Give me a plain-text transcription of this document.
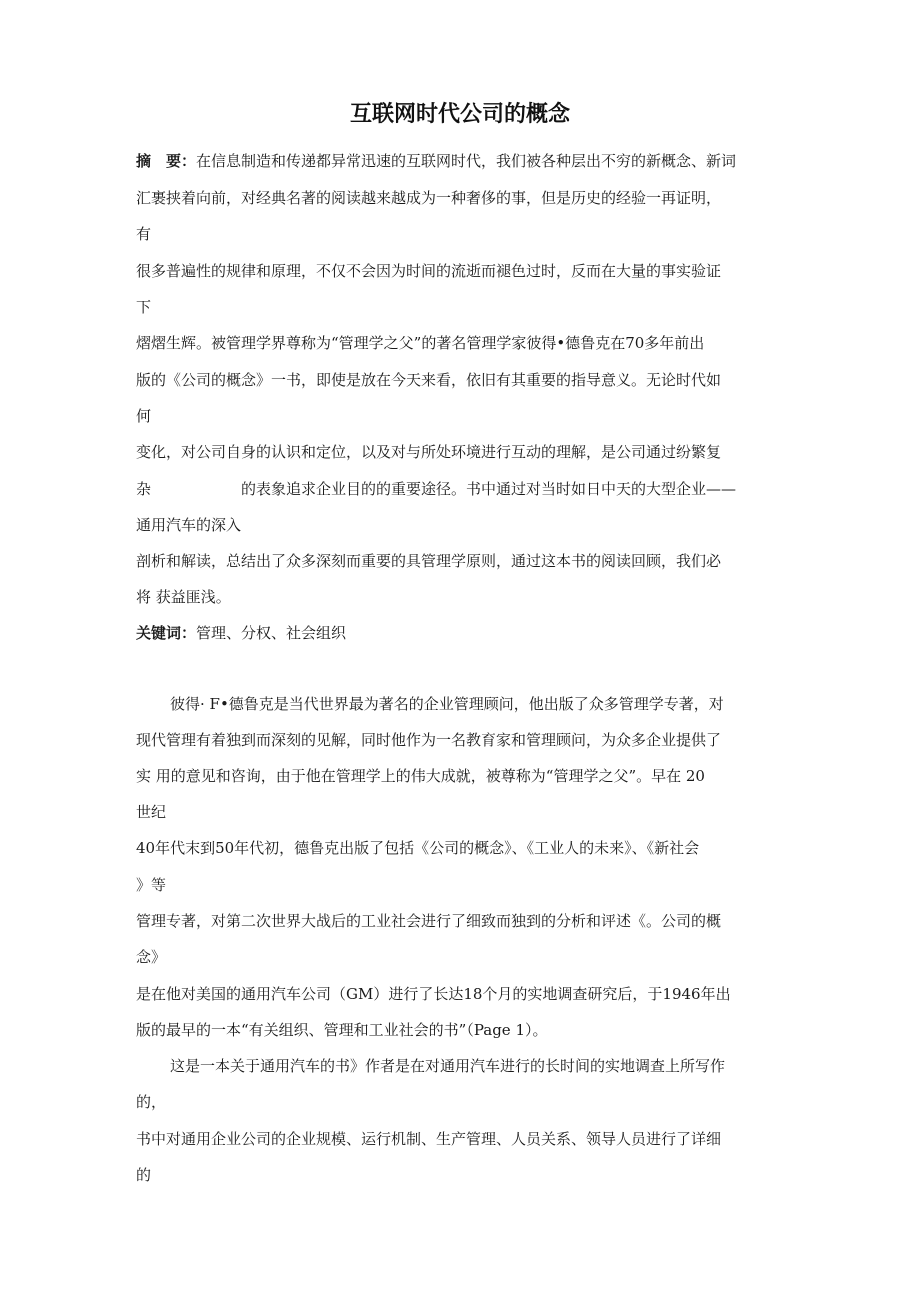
互联网时代公司的概念
摘　要：在信息制造和传递都异常迅速的互联网时代，我们被各种层出不穷的新概念、新词
汇裹挟着向前，对经典名著的阅读越来越成为一种奢侈的事，但是历史的经验一再证明，
有
很多普遍性的规律和原理，不仅不会因为时间的流逝而褪色过时，反而在大量的事实验证
下
熠熠生辉。被管理学界尊称为“管理学之父”的著名管理学家彼得•德鲁克在70多年前出
版的《公司的概念》一书，即使是放在今天来看，依旧有其重要的指导意义。无论时代如
何
变化，对公司自身的认识和定位，以及对与所处环境进行互动的理解，是公司通过纷繁复
杂　　　　　　的表象追求企业目的的重要途径。书中通过对当时如日中天的大型企业——
通用汽车的深入
剖析和解读，总结出了众多深刻而重要的具管理学原则，通过这本书的阅读回顾，我们必
将 获益匪浅。
关键词：管理、分权、社会组织
彼得· F•德鲁克是当代世界最为著名的企业管理顾问，他出版了众多管理学专著，对
现代管理有着独到而深刻的见解，同时他作为一名教育家和管理顾问，为众多企业提供了
实 用的意见和咨询，由于他在管理学上的伟大成就，被尊称为“管理学之父”。早在 20
世纪
40年代末到50年代初，德鲁克出版了包括《公司的概念》、《工业人的未来》、《新社会
》等
管理专著，对第二次世界大战后的工业社会进行了细致而独到的分析和评述《。公司的概
念》
是在他对美国的通用汽车公司（GM）进行了长达18个月的实地调查研究后，于1946年出
版的最早的一本“有关组织、管理和工业社会的书”（Page 1）。
这是一本关于通用汽车的书》作者是在对通用汽车进行的长时间的实地调查上所写作
的，
书中对通用企业公司的企业规模、运行机制、生产管理、人员关系、领导人员进行了详细
的
